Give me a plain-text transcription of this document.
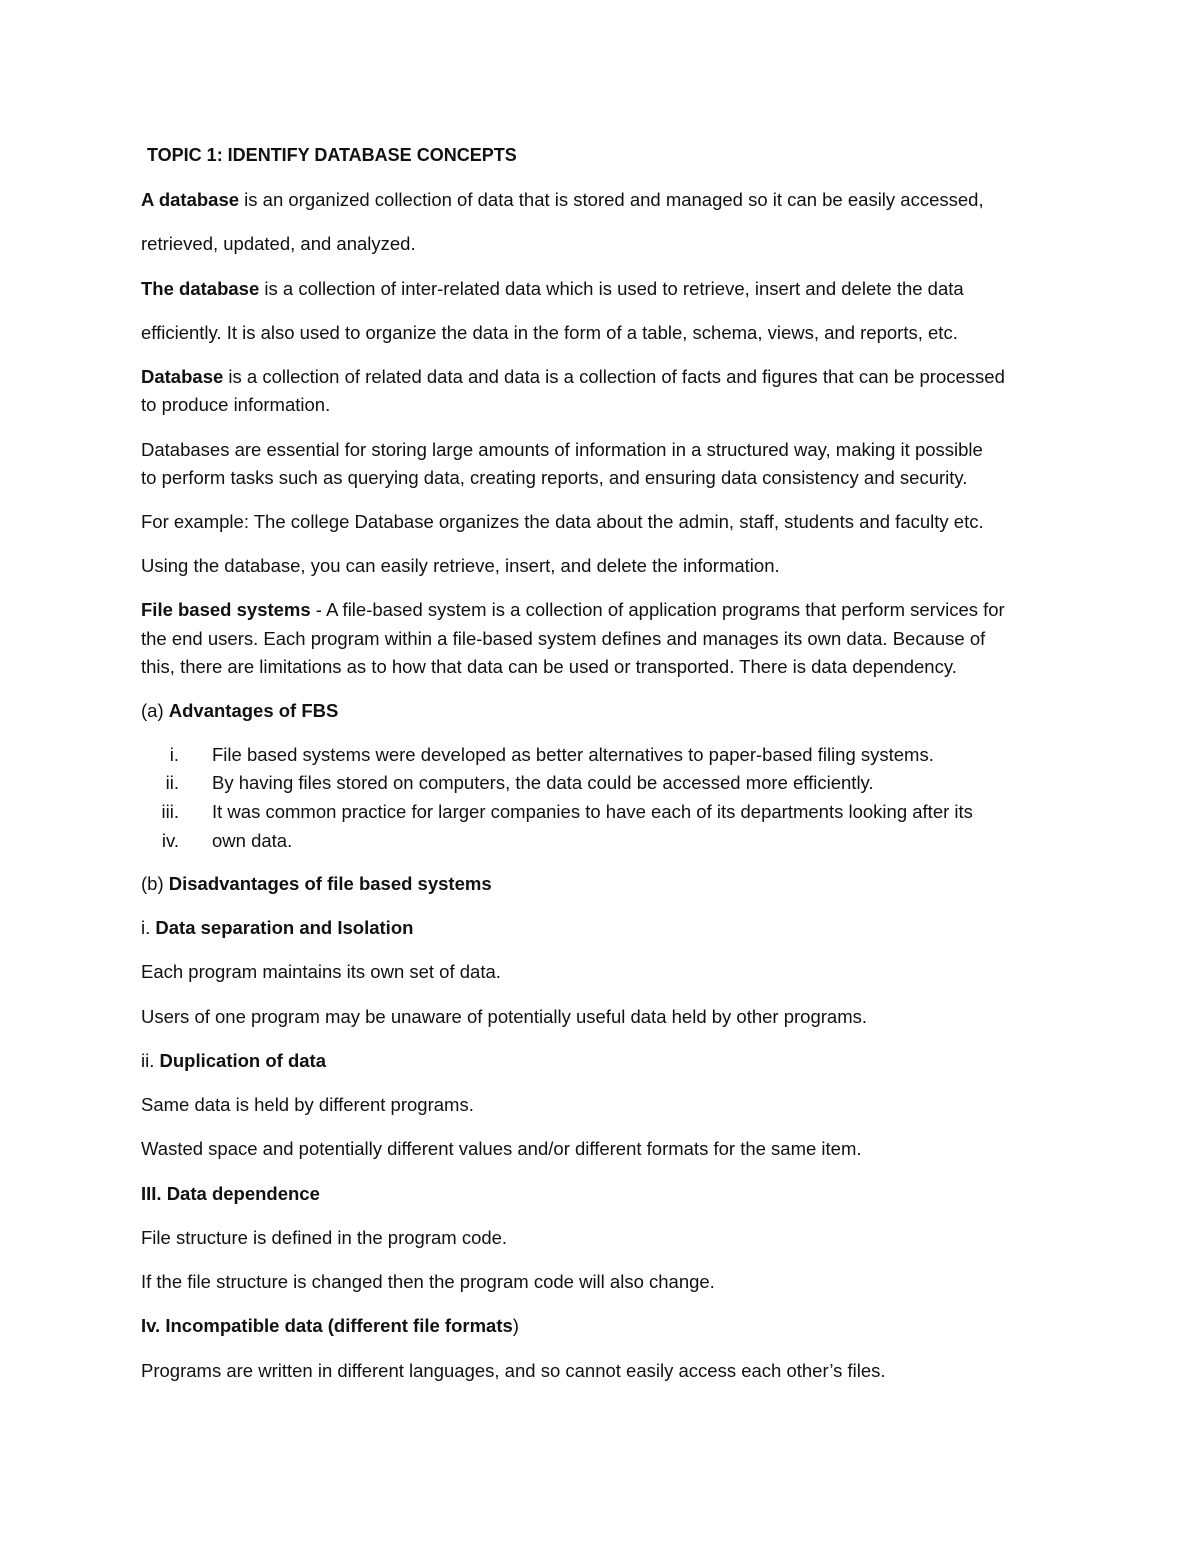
TOPIC 1: IDENTIFY DATABASE CONCEPTS
A database is an organized collection of data that is stored and managed so it can be easily accessed,
retrieved, updated, and analyzed.
The database is a collection of inter-related data which is used to retrieve, insert and delete the data
efficiently. It is also used to organize the data in the form of a table, schema, views, and reports, etc.
Database is a collection of related data and data is a collection of facts and figures that can be processed
to produce information.
Databases are essential for storing large amounts of information in a structured way, making it possible
to perform tasks such as querying data, creating reports, and ensuring data consistency and security.
For example: The college Database organizes the data about the admin, staff, students and faculty etc.
Using the database, you can easily retrieve, insert, and delete the information.
File based systems - A file-based system is a collection of application programs that perform services for
the end users. Each program within a file-based system defines and manages its own data. Because of
this, there are limitations as to how that data can be used or transported. There is data dependency.
(a) Advantages of FBS
i. File based systems were developed as better alternatives to paper-based filing systems.
ii. By having files stored on computers, the data could be accessed more efficiently.
iii. It was common practice for larger companies to have each of its departments looking after its
iv. own data.
(b) Disadvantages of file based systems
i. Data separation and Isolation
Each program maintains its own set of data.
Users of one program may be unaware of potentially useful data held by other programs.
ii. Duplication of data
Same data is held by different programs.
Wasted space and potentially different values and/or different formats for the same item.
III. Data dependence
File structure is defined in the program code.
If the file structure is changed then the program code will also change.
Iv. Incompatible data (different file formats)
Programs are written in different languages, and so cannot easily access each other’s files.
